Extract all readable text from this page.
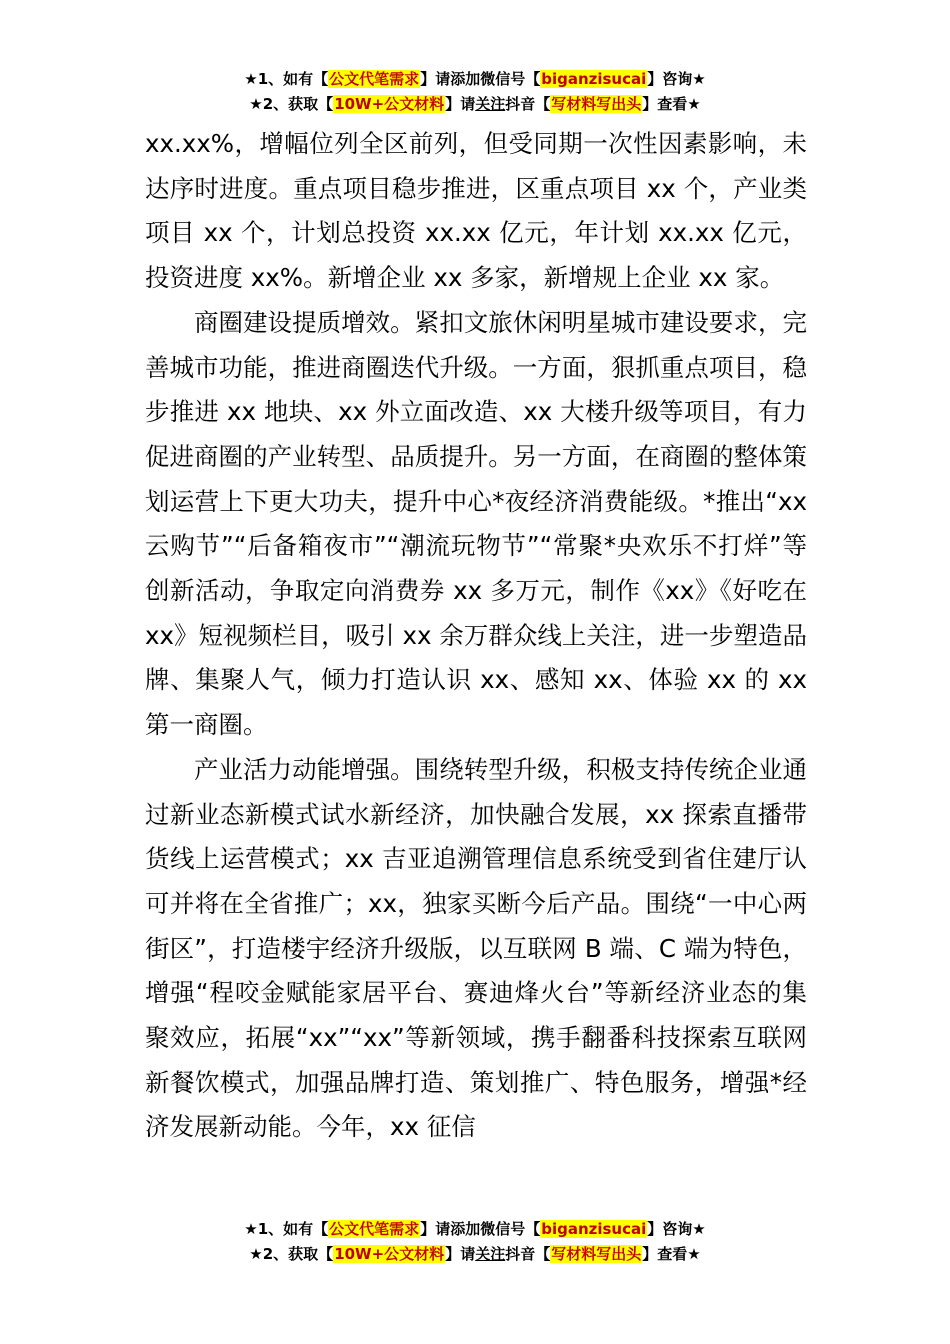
★1、如有【公文代笔需求】请添加微信号【biganzisucai】咨询★
★2、获取【10W+公文材料】请关注抖音【写材料写出头】查看★

xx.xx%，增幅位列全区前列，但受同期一次性因素影响，未达序时进度。重点项目稳步推进，区重点项目 xx 个，产业类项目 xx 个，计划总投资 xx.xx 亿元，年计划 xx.xx 亿元，投资进度 xx%。新增企业 xx 多家，新增规上企业 xx 家。

商圈建设提质增效。紧扣文旅休闲明星城市建设要求，完善城市功能，推进商圈迭代升级。一方面，狠抓重点项目，稳步推进 xx 地块、xx 外立面改造、xx 大楼升级等项目，有力促进商圈的产业转型、品质提升。另一方面，在商圈的整体策划运营上下更大功夫，提升中心*夜经济消费能级。*推出“xx 云购节”“后备箱夜市”“潮流玩物节”“常聚*央欢乐不打烊”等创新活动，争取定向消费券 xx 多万元，制作《xx》《好吃在 xx》短视频栏目，吸引 xx 余万群众线上关注，进一步塑造品牌、集聚人气，倾力打造认识 xx、感知 xx、体验 xx 的 xx 第一商圈。

产业活力动能增强。围绕转型升级，积极支持传统企业通过新业态新模式试水新经济，加快融合发展，xx 探索直播带货线上运营模式；xx 吉亚追溯管理信息系统受到省住建厅认可并将在全省推广；xx，独家买断今后产品。围绕“一中心两街区”，打造楼宇经济升级版，以互联网 B 端、C 端为特色，增强“程咬金赋能家居平台、赛迪烽火台”等新经济业态的集聚效应，拓展“xx”“xx”等新领域，携手翻番科技探索互联网新餐饮模式，加强品牌打造、策划推广、特色服务，增强*经济发展新动能。今年，xx 征信

★1、如有【公文代笔需求】请添加微信号【biganzisucai】咨询★
★2、获取【10W+公文材料】请关注抖音【写材料写出头】查看★
